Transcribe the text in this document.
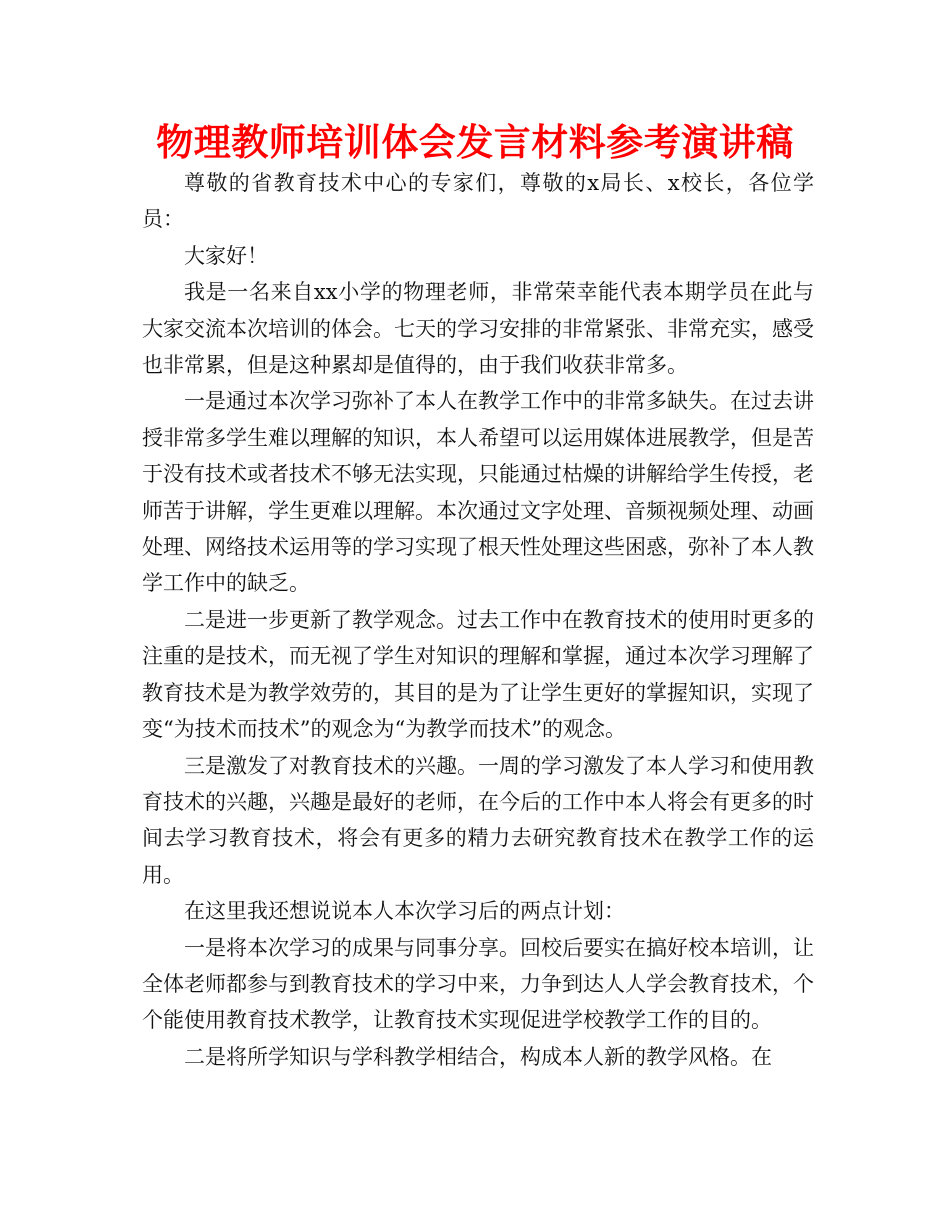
物理教师培训体会发言材料参考演讲稿

尊敬的省教育技术中心的专家们，尊敬的x局长、x校长，各位学员：

大家好！

我是一名来自xx小学的物理老师，非常荣幸能代表本期学员在此与大家交流本次培训的体会。七天的学习安排的非常紧张、非常充实，感受也非常累，但是这种累却是值得的，由于我们收获非常多。

一是通过本次学习弥补了本人在教学工作中的非常多缺失。在过去讲授非常多学生难以理解的知识，本人希望可以运用媒体进展教学，但是苦于没有技术或者技术不够无法实现，只能通过枯燥的讲解给学生传授，老师苦于讲解，学生更难以理解。本次通过文字处理、音频视频处理、动画处理、网络技术运用等的学习实现了根天性处理这些困惑，弥补了本人教学工作中的缺乏。

二是进一步更新了教学观念。过去工作中在教育技术的使用时更多的注重的是技术，而无视了学生对知识的理解和掌握，通过本次学习理解了教育技术是为教学效劳的，其目的是为了让学生更好的掌握知识，实现了变“为技术而技术”的观念为“为教学而技术”的观念。

三是激发了对教育技术的兴趣。一周的学习激发了本人学习和使用教育技术的兴趣，兴趣是最好的老师，在今后的工作中本人将会有更多的时间去学习教育技术，将会有更多的精力去研究教育技术在教学工作的运用。

在这里我还想说说本人本次学习后的两点计划：

一是将本次学习的成果与同事分享。回校后要实在搞好校本培训，让全体老师都参与到教育技术的学习中来，力争到达人人学会教育技术，个个能使用教育技术教学，让教育技术实现促进学校教学工作的目的。

二是将所学知识与学科教学相结合，构成本人新的教学风格。在
